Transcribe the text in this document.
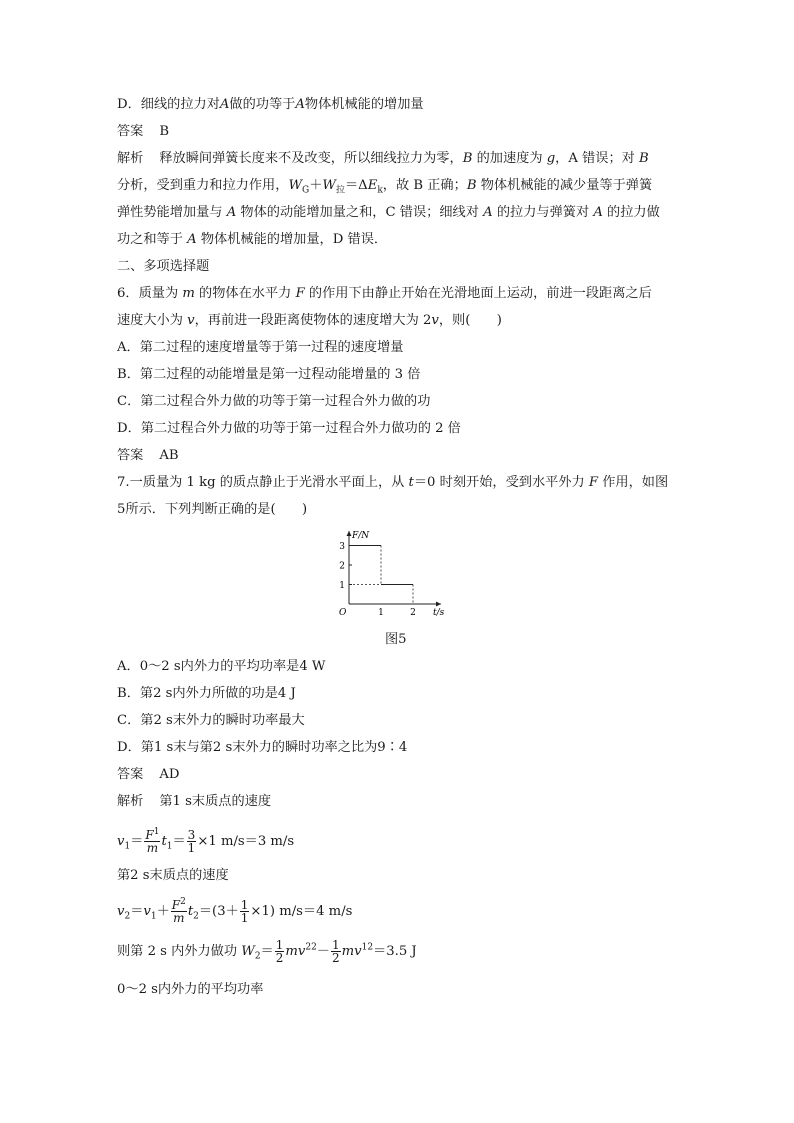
D．细线的拉力对A做的功等于A物体机械能的增加量
答案 B
解析 释放瞬间弹簧长度来不及改变，所以细线拉力为零，B 的加速度为 g，A 错误；对 B
分析，受到重力和拉力作用，$W_G+W_拉=\Delta E_k$，故 B 正确；B 物体机械能的减少量等于弹簧
弹性势能增加量与 A 物体的动能增加量之和，C 错误；细线对 A 的拉力与弹簧对 A 的拉力做
功之和等于 A 物体机械能的增加量，D 错误．
二、多项选择题
6．质量为 m 的物体在水平力 F 的作用下由静止开始在光滑地面上运动，前进一段距离之后
速度大小为 v，再前进一段距离使物体的速度增大为 2v，则(　　)
A．第二过程的速度增量等于第一过程的速度增量
B．第二过程的动能增量是第一过程动能增量的 3 倍
C．第二过程合外力做的功等于第一过程合外力做的功
D．第二过程合外力做的功等于第一过程合外力做功的 2 倍
答案 AB
7.一质量为 1 kg 的质点静止于光滑水平面上，从 t＝0 时刻开始，受到水平外力 F 作用，如图
5所示．下列判断正确的是(　　)
1
2
3
1	2
F/N
t/s
O
图5
A．0～2 s内外力的平均功率是4 W
B．第2 s内外力所做的功是4 J
C．第2 s末外力的瞬时功率最大
D．第1 s末与第2 s末外力的瞬时功率之比为9∶4
答案 AD
解析 第1 s末质点的速度
$v_1= \frac{F^1}{m} t_1= \frac{3}{1} \times 1$ m/s＝3 m/s
第2 s末质点的速度
$v_2=v_1+ \frac{F^2}{m} t_2=(3+ \frac{1}{1} \times 1)$ m/s＝4 m/s
则第 2 s 内外力做功 $W_2= \frac{1}{2} mv^{22}- \frac{1}{2} mv^{12}=3.5$ J
0～2 s内外力的平均功率
